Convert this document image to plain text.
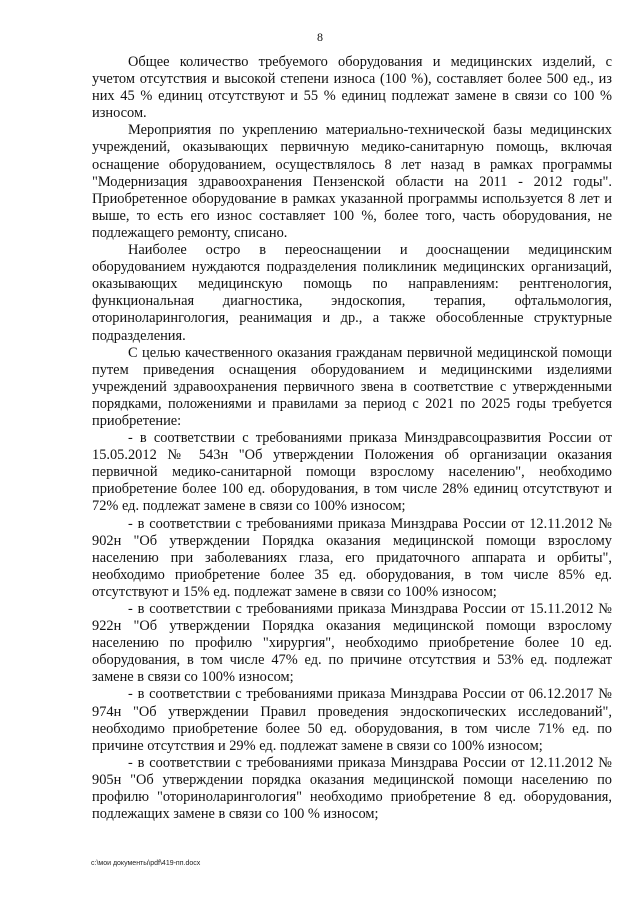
8

Общее количество требуемого оборудования и медицинских изделий, с учетом отсутствия и высокой степени износа (100 %), составляет более 500 ед., из них 45 % единиц отсутствуют и 55 % единиц подлежат замене в связи со 100 % износом.

Мероприятия по укреплению материально-технической базы медицинских учреждений, оказывающих первичную медико-санитарную помощь, включая оснащение оборудованием, осуществлялось 8 лет назад в рамках программы "Модернизация здравоохранения Пензенской области на 2011 - 2012 годы". Приобретенное оборудование в рамках указанной программы используется 8 лет и выше, то есть его износ составляет 100 %, более того, часть оборудования, не подлежащего ремонту, списано.

Наиболее остро в переоснащении и дооснащении медицинским оборудованием нуждаются подразделения поликлиник медицинских организаций, оказывающих медицинскую помощь по направлениям: рентгенология, функциональная диагностика, эндоскопия, терапия, офтальмология, оториноларингология, реанимация и др., а также обособленные структурные подразделения.

С целью качественного оказания гражданам первичной медицинской помощи путем приведения оснащения оборудованием и медицинскими изделиями учреждений здравоохранения первичного звена в соответствие с утвержденными порядками, положениями и правилами за период с 2021 по 2025 годы требуется приобретение:

- в соответствии с требованиями приказа Минздравсоцразвития России от 15.05.2012 № 543н "Об утверждении Положения об организации оказания первичной медико-санитарной помощи взрослому населению", необходимо приобретение более 100 ед. оборудования, в том числе 28% единиц отсутствуют и 72% ед. подлежат замене в связи со 100% износом;

- в соответствии с требованиями приказа Минздрава России от 12.11.2012 № 902н "Об утверждении Порядка оказания медицинской помощи взрослому населению при заболеваниях глаза, его придаточного аппарата и орбиты", необходимо приобретение более 35 ед. оборудования, в том числе 85% ед. отсутствуют и 15% ед. подлежат замене в связи со 100% износом;

- в соответствии с требованиями приказа Минздрава России от 15.11.2012 № 922н "Об утверждении Порядка оказания медицинской помощи взрослому населению по профилю "хирургия", необходимо приобретение более 10 ед. оборудования, в том числе 47% ед. по причине отсутствия и 53% ед. подлежат замене в связи со 100% износом;

- в соответствии с требованиями приказа Минздрава России от 06.12.2017 № 974н "Об утверждении Правил проведения эндоскопических исследований", необходимо приобретение более 50 ед. оборудования, в том числе 71% ед. по причине отсутствия и 29% ед. подлежат замене в связи со 100% износом;

- в соответствии с требованиями приказа Минздрава России от 12.11.2012 № 905н "Об утверждении порядка оказания медицинской помощи населению по профилю "оториноларингология" необходимо приобретение 8 ед. оборудования, подлежащих замене в связи со 100 % износом;

c:\мои документы\pdf\419-пп.docx
